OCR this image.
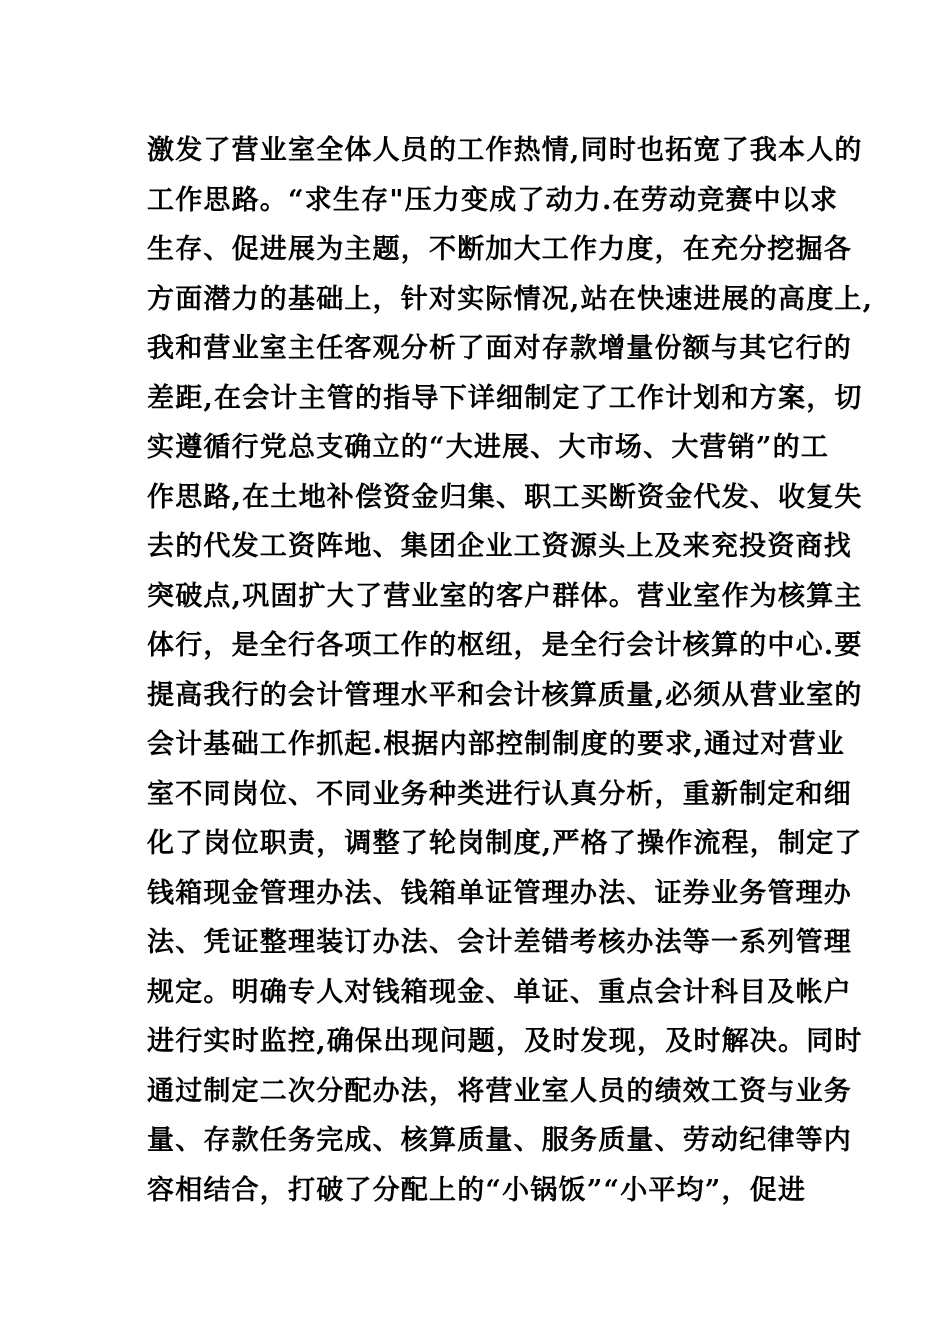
激发了营业室全体人员的工作热情,同时也拓宽了我本人的
工作思路。“求生存"压力变成了动力.在劳动竞赛中以求
生存、促进展为主题，不断加大工作力度，在充分挖掘各
方面潜力的基础上，针对实际情况,站在快速进展的高度上,
我和营业室主任客观分析了面对存款增量份额与其它行的
差距,在会计主管的指导下详细制定了工作计划和方案，切
实遵循行党总支确立的“大进展、大市场、大营销”的工
作思路,在土地补偿资金归集、职工买断资金代发、收复失
去的代发工资阵地、集团企业工资源头上及来兖投资商找
突破点,巩固扩大了营业室的客户群体。营业室作为核算主
体行，是全行各项工作的枢纽，是全行会计核算的中心.要
提高我行的会计管理水平和会计核算质量,必须从营业室的
会计基础工作抓起.根据内部控制制度的要求,通过对营业
室不同岗位、不同业务种类进行认真分析，重新制定和细
化了岗位职责，调整了轮岗制度,严格了操作流程，制定了
钱箱现金管理办法、钱箱单证管理办法、证券业务管理办
法、凭证整理装订办法、会计差错考核办法等一系列管理
规定。明确专人对钱箱现金、单证、重点会计科目及帐户
进行实时监控,确保出现问题，及时发现，及时解决。同时
通过制定二次分配办法，将营业室人员的绩效工资与业务
量、存款任务完成、核算质量、服务质量、劳动纪律等内
容相结合，打破了分配上的“小锅饭”“小平均”，促进
